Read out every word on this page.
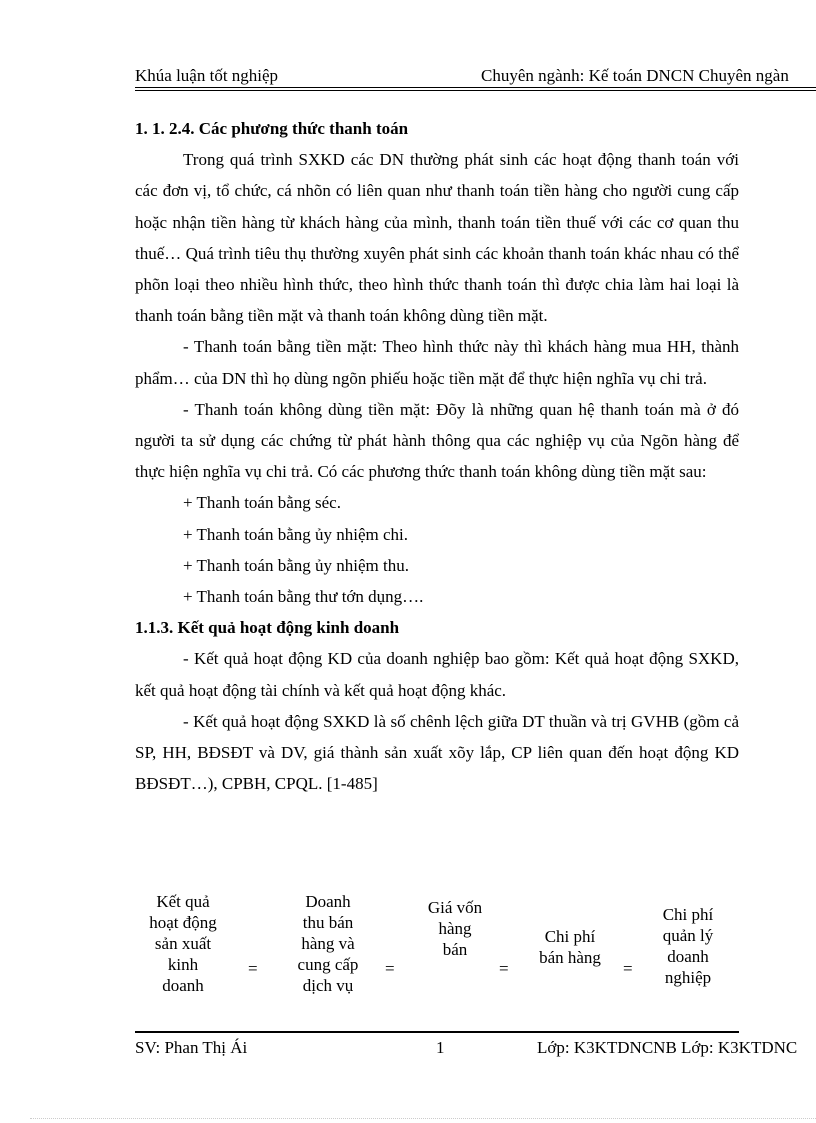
Khúa luận tốt nghiệp	Chuyên ngành: Kế toán DNCN Chuyên ngàn

1. 1. 2.4. Các phương thức thanh toán

Trong quá trình SXKD các DN thường phát sinh các hoạt động thanh toán với các đơn vị, tổ chức, cá nhõn có liên quan như thanh toán tiền hàng cho người cung cấp hoặc nhận tiền hàng từ khách hàng của mình, thanh toán tiền thuế với các cơ quan thu thuế… Quá trình tiêu thụ thường xuyên phát sinh các khoản thanh toán khác nhau có thể phõn loại theo nhiều hình thức, theo hình thức thanh toán thì được chia làm hai loại là thanh toán bằng tiền mặt và thanh toán không dùng tiền mặt.

- Thanh toán bằng tiền mặt: Theo hình thức này thì khách hàng mua HH, thành phẩm… của DN thì họ dùng ngõn phiếu hoặc tiền mặt để thực hiện nghĩa vụ chi trả.

- Thanh toán không dùng tiền mặt: Đõy là những quan hệ thanh toán mà ở đó người ta sử dụng các chứng từ phát hành thông qua các nghiệp vụ của Ngõn hàng để thực hiện nghĩa vụ chi trả. Có các phương thức thanh toán không dùng tiền mặt sau:

+ Thanh toán bằng séc.

+ Thanh toán bằng ủy nhiệm chi.

+ Thanh toán bằng ủy nhiệm thu.

+ Thanh toán bằng thư tớn dụng….

1.1.3. Kết quả hoạt động kinh doanh

- Kết quả hoạt động KD của doanh nghiệp bao gồm: Kết quả hoạt động SXKD, kết quả hoạt động tài chính và kết quả hoạt động khác.

- Kết quả hoạt động SXKD là số chênh lệch giữa DT thuần và trị GVHB (gồm cả SP, HH, BĐSĐT và DV, giá thành sản xuất xõy lắp, CP liên quan đến hoạt động KD BĐSĐT…), CPBH, CPQL. [1-485]

Kết quả
hoạt động
sản xuất
kinh
doanh
=
Doanh
thu bán
hàng và
cung cấp
dịch vụ
=
Giá vốn
hàng
bán
=
Chi phí
bán hàng
=
Chi phí
quản lý
doanh
nghiệp
SV: Phan Thị Ái	1	Lớp: K3KTDNCNB Lớp: K3KTDNC
